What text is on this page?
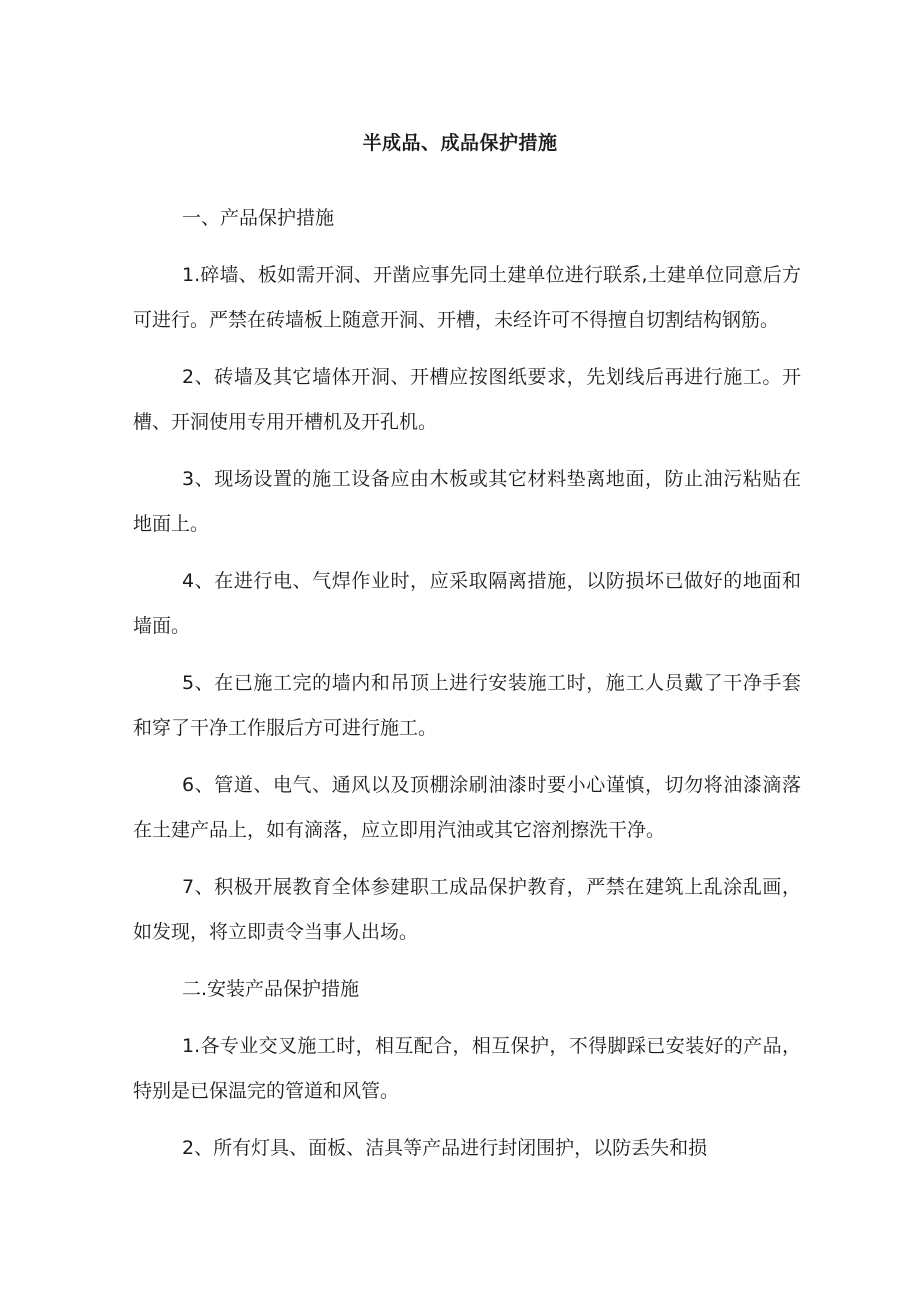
半成品、成品保护措施

一、产品保护措施

1.碎墙、板如需开洞、开凿应事先同土建单位进行联系,土建单位同意后方可进行。严禁在砖墙板上随意开洞、开槽，未经许可不得擅自切割结构钢筋。

2、砖墙及其它墙体开洞、开槽应按图纸要求，先划线后再进行施工。开槽、开洞使用专用开槽机及开孔机。

3、现场设置的施工设备应由木板或其它材料垫离地面，防止油污粘贴在地面上。

4、在进行电、气焊作业时，应采取隔离措施，以防损坏已做好的地面和墙面。

5、在已施工完的墙内和吊顶上进行安装施工时，施工人员戴了干净手套和穿了干净工作服后方可进行施工。

6、管道、电气、通风以及顶棚涂刷油漆时要小心谨慎，切勿将油漆滴落在土建产品上，如有滴落，应立即用汽油或其它溶剂擦洗干净。

7、积极开展教育全体参建职工成品保护教育，严禁在建筑上乱涂乱画，如发现，将立即责令当事人出场。

二.安装产品保护措施

1.各专业交叉施工时，相互配合，相互保护，不得脚踩已安装好的产品，特别是已保温完的管道和风管。

2、所有灯具、面板、洁具等产品进行封闭围护，以防丢失和损
